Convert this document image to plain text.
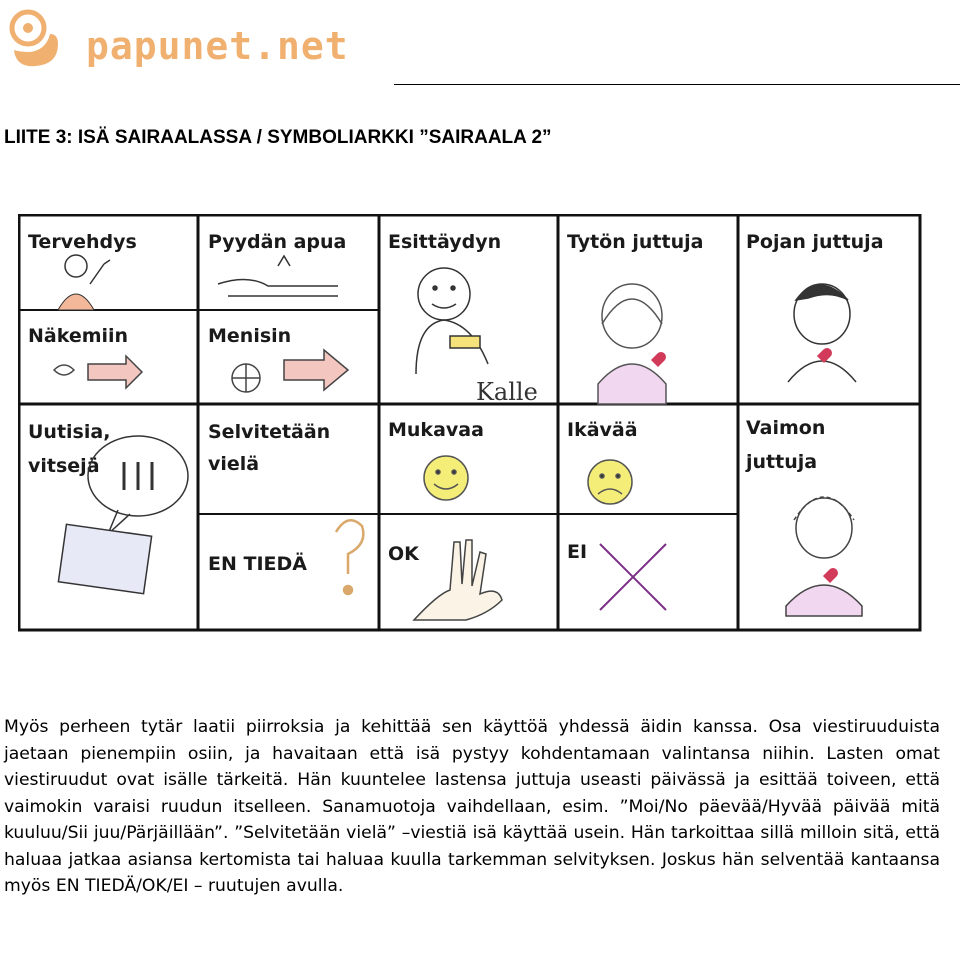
papunet.net
LIITE 3: ISÄ SAIRAALASSA / SYMBOLIARKKI ”SAIRAALA 2”
Tervehdys	Pyydän apua Esittäydyn
Kalle
Tytön juttuja Pojan juttuja
Näkemiin	Menisin
Uutisia,
vitsejä
Selvitetään
vielä
EN TIEDÄ
Mukavaa
OK
Ikävää
EI
Vaimon
juttuja

Myös perheen tytär laatii piirroksia ja kehittää sen käyttöä yhdessä äidin kanssa. Osa viestiruuduista jaetaan pienempiin osiin, ja havaitaan että isä pystyy kohdentamaan valintansa niihin. Lasten omat viestiruudut ovat isälle tärkeitä. Hän kuuntelee lastensa juttuja useasti päivässä ja esittää toiveen, että vaimokin varaisi ruudun itselleen. Sanamuotoja vaihdellaan, esim. ”Moi/No päevää/Hyvää päivää mitä kuuluu/Sii juu/Pärjäillään”. ”Selvitetään vielä” –viestiä isä käyttää usein. Hän tarkoittaa sillä milloin sitä, että haluaa jatkaa asiansa kertomista tai haluaa kuulla tarkemman selvityksen. Joskus hän selventää kantaansa myös EN TIEDÄ/OK/EI – ruutujen avulla.
